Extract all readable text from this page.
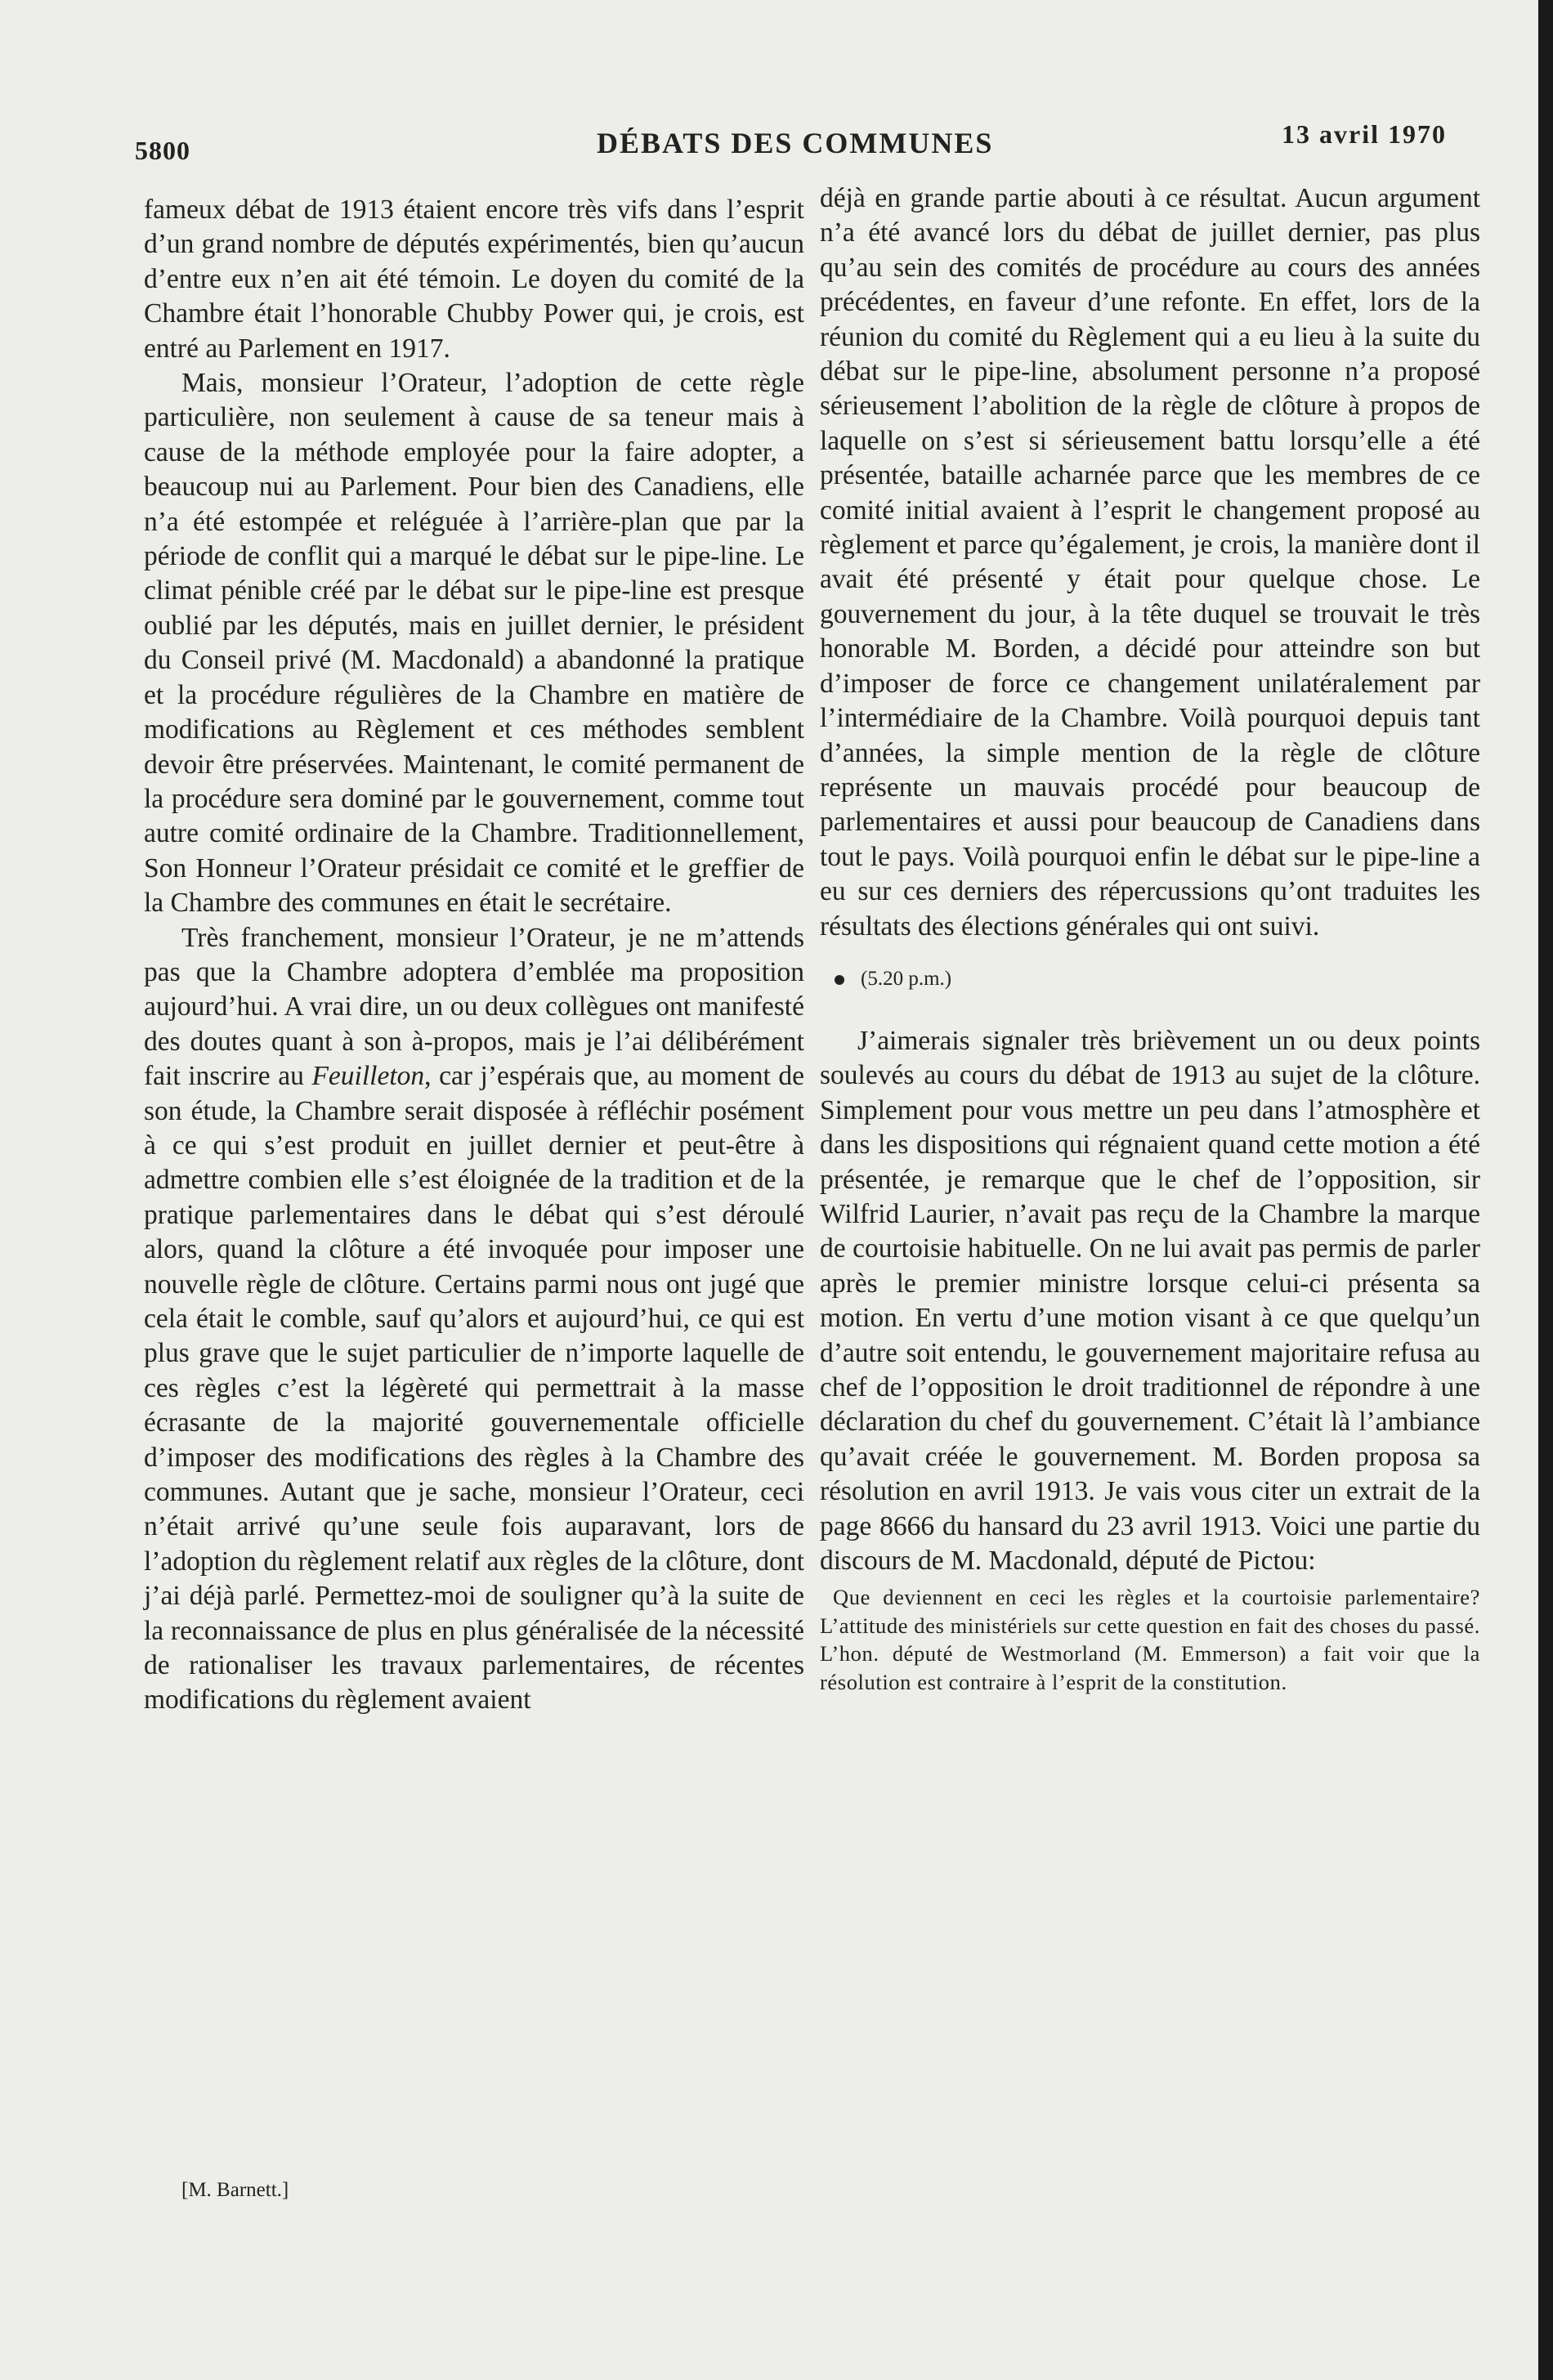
5800	DÉBATS DES COMMUNES	13 avril 1970

fameux débat de 1913 étaient encore très vifs dans l’esprit d’un grand nombre de députés expérimentés, bien qu’aucun d’entre eux n’en ait été témoin. Le doyen du comité de la Chambre était l’honorable Chubby Power qui, je crois, est entré au Parlement en 1917.

Mais, monsieur l’Orateur, l’adoption de cette règle particulière, non seulement à cause de sa teneur mais à cause de la méthode employée pour la faire adopter, a beaucoup nui au Parlement. Pour bien des Canadiens, elle n’a été estompée et reléguée à l’arrière-plan que par la période de conflit qui a marqué le débat sur le pipe-line. Le climat pénible créé par le débat sur le pipe-line est presque oublié par les députés, mais en juillet dernier, le président du Conseil privé (M. Macdonald) a abandonné la pratique et la procédure régulières de la Chambre en matière de modifications au Règlement et ces méthodes semblent devoir être préservées. Maintenant, le comité permanent de la procédure sera dominé par le gouvernement, comme tout autre comité ordinaire de la Chambre. Traditionnellement, Son Honneur l’Orateur présidait ce comité et le greffier de la Chambre des communes en était le secrétaire.

Très franchement, monsieur l’Orateur, je ne m’attends pas que la Chambre adoptera d’emblée ma proposition aujourd’hui. A vrai dire, un ou deux collègues ont manifesté des doutes quant à son à-propos, mais je l’ai délibérément fait inscrire au Feuilleton, car j’espérais que, au moment de son étude, la Chambre serait disposée à réfléchir posément à ce qui s’est produit en juillet dernier et peut-être à admettre combien elle s’est éloignée de la tradition et de la pratique parlementaires dans le débat qui s’est déroulé alors, quand la clôture a été invoquée pour imposer une nouvelle règle de clôture. Certains parmi nous ont jugé que cela était le comble, sauf qu’alors et aujourd’hui, ce qui est plus grave que le sujet particulier de n’importe laquelle de ces règles c’est la légèreté qui permettrait à la masse écrasante de la majorité gouvernementale officielle d’imposer des modifications des règles à la Chambre des communes. Autant que je sache, monsieur l’Orateur, ceci n’était arrivé qu’une seule fois auparavant, lors de l’adoption du règlement relatif aux règles de la clôture, dont j’ai déjà parlé. Permettez-moi de souligner qu’à la suite de la reconnaissance de plus en plus généralisée de la nécessité de rationaliser les travaux parlementaires, de récentes modifications du règlement avaient

[M. Barnett.]

déjà en grande partie abouti à ce résultat. Aucun argument n’a été avancé lors du débat de juillet dernier, pas plus qu’au sein des comités de procédure au cours des années précédentes, en faveur d’une refonte. En effet, lors de la réunion du comité du Règlement qui a eu lieu à la suite du débat sur le pipe-line, absolument personne n’a proposé sérieusement l’abolition de la règle de clôture à propos de laquelle on s’est si sérieusement battu lorsqu’elle a été présentée, bataille acharnée parce que les membres de ce comité initial avaient à l’esprit le changement proposé au règlement et parce qu’également, je crois, la manière dont il avait été présenté y était pour quelque chose. Le gouvernement du jour, à la tête duquel se trouvait le très honorable M. Borden, a décidé pour atteindre son but d’imposer de force ce changement unilatéralement par l’intermédiaire de la Chambre. Voilà pourquoi depuis tant d’années, la simple mention de la règle de clôture représente un mauvais procédé pour beaucoup de parlementaires et aussi pour beaucoup de Canadiens dans tout le pays. Voilà pourquoi enfin le débat sur le pipe-line a eu sur ces derniers des répercussions qu’ont traduites les résultats des élections générales qui ont suivi.

(5.20 p.m.)

J’aimerais signaler très brièvement un ou deux points soulevés au cours du débat de 1913 au sujet de la clôture. Simplement pour vous mettre un peu dans l’atmosphère et dans les dispositions qui régnaient quand cette motion a été présentée, je remarque que le chef de l’opposition, sir Wilfrid Laurier, n’avait pas reçu de la Chambre la marque de courtoisie habituelle. On ne lui avait pas permis de parler après le premier ministre lorsque celui-ci présenta sa motion. En vertu d’une motion visant à ce que quelqu’un d’autre soit entendu, le gouvernement majoritaire refusa au chef de l’opposition le droit traditionnel de répondre à une déclaration du chef du gouvernement. C’était là l’ambiance qu’avait créée le gouvernement. M. Borden proposa sa résolution en avril 1913. Je vais vous citer un extrait de la page 8666 du hansard du 23 avril 1913. Voici une partie du discours de M. Macdonald, député de Pictou:

Que deviennent en ceci les règles et la courtoisie parlementaire? L’attitude des ministériels sur cette question en fait des choses du passé. L’hon. député de Westmorland (M. Emmerson) a fait voir que la résolution est contraire à l’esprit de la constitution.
